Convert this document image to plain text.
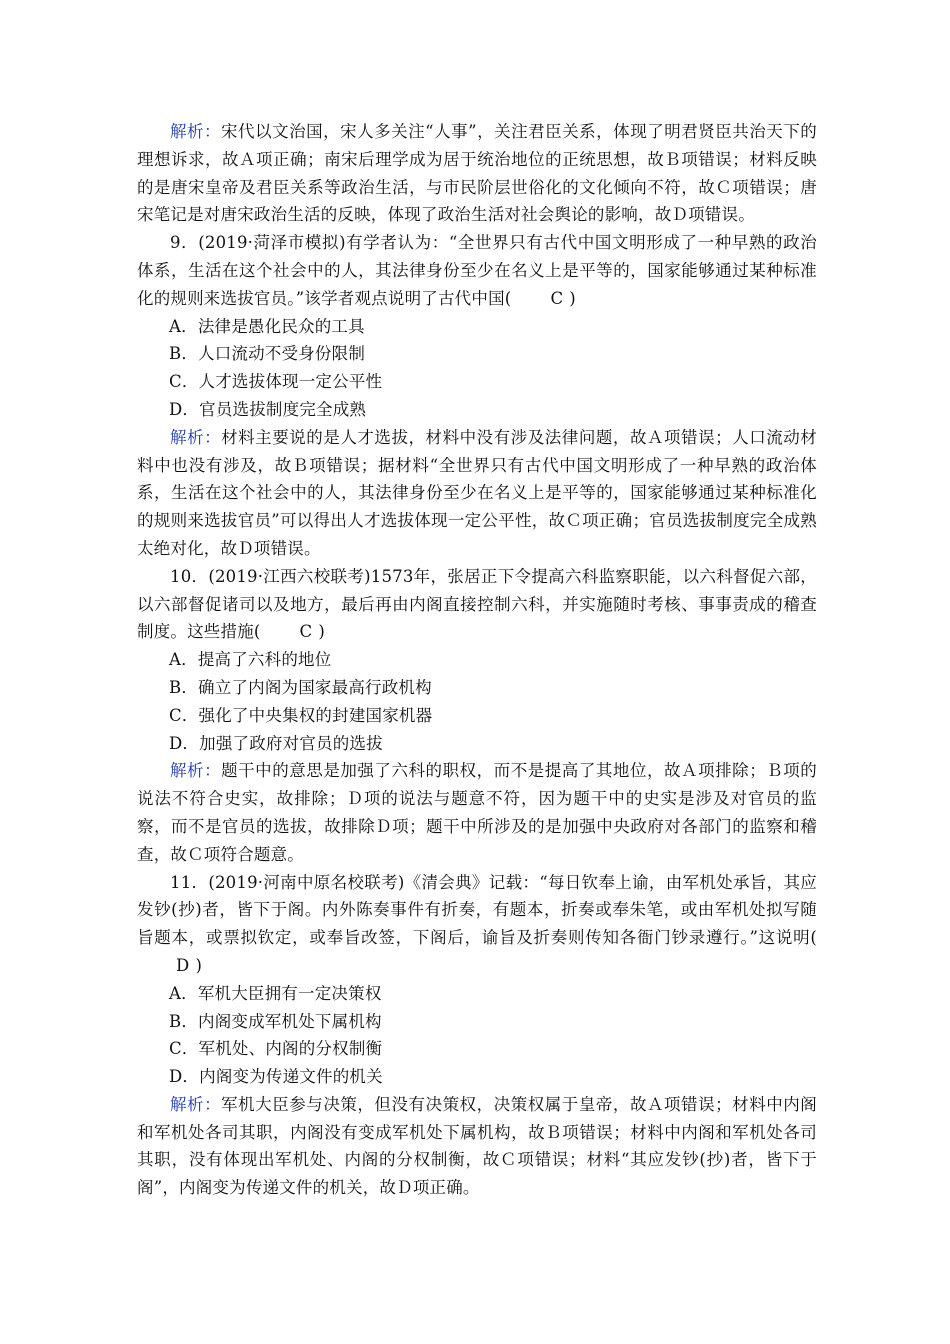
解析：宋代以文治国，宋人多关注“人事”，关注君臣关系，体现了明君贤臣共治天下的理想诉求，故Ａ项正确；南宋后理学成为居于统治地位的正统思想，故Ｂ项错误；材料反映的是唐宋皇帝及君臣关系等政治生活，与市民阶层世俗化的文化倾向不符，故Ｃ项错误；唐宋笔记是对唐宋政治生活的反映，体现了政治生活对社会舆论的影响，故Ｄ项错误。

9．(2019·菏泽市模拟)有学者认为：“全世界只有古代中国文明形成了一种早熟的政治体系，生活在这个社会中的人，其法律身份至少在名义上是平等的，国家能够通过某种标准化的规则来选拔官员。”该学者观点说明了古代中国( C )

A．法律是愚化民众的工具

B．人口流动不受身份限制

C．人才选拔体现一定公平性

D．官员选拔制度完全成熟

解析：材料主要说的是人才选拔，材料中没有涉及法律问题，故Ａ项错误；人口流动材料中也没有涉及，故Ｂ项错误；据材料“全世界只有古代中国文明形成了一种早熟的政治体系，生活在这个社会中的人，其法律身份至少在名义上是平等的，国家能够通过某种标准化的规则来选拔官员”可以得出人才选拔体现一定公平性，故Ｃ项正确；官员选拔制度完全成熟太绝对化，故Ｄ项错误。

10．(2019·江西六校联考)1573年，张居正下令提高六科监察职能，以六科督促六部，以六部督促诸司以及地方，最后再由内阁直接控制六科，并实施随时考核、事事责成的稽查制度。这些措施( C )

A．提高了六科的地位

B．确立了内阁为国家最高行政机构

C．强化了中央集权的封建国家机器

D．加强了政府对官员的选拔

解析：题干中的意思是加强了六科的职权，而不是提高了其地位，故Ａ项排除；Ｂ项的说法不符合史实，故排除；Ｄ项的说法与题意不符，因为题干中的史实是涉及对官员的监察，而不是官员的选拔，故排除Ｄ项；题干中所涉及的是加强中央政府对各部门的监察和稽查，故Ｃ项符合题意。

11．(2019·河南中原名校联考)《清会典》记载：“每日钦奉上谕，由军机处承旨，其应发钞(抄)者，皆下于阁。内外陈奏事件有折奏，有题本，折奏或奉朱笔，或由军机处拟写随旨题本，或票拟钦定，或奉旨改签，下阁后，谕旨及折奏则传知各衙门钞录遵行。”这说明(D )

A．军机大臣拥有一定决策权

B．内阁变成军机处下属机构

C．军机处、内阁的分权制衡

D．内阁变为传递文件的机关

解析：军机大臣参与决策，但没有决策权，决策权属于皇帝，故Ａ项错误；材料中内阁和军机处各司其职，内阁没有变成军机处下属机构，故Ｂ项错误；材料中内阁和军机处各司其职，没有体现出军机处、内阁的分权制衡，故Ｃ项错误；材料“其应发钞(抄)者，皆下于阁”，内阁变为传递文件的机关，故Ｄ项正确。
